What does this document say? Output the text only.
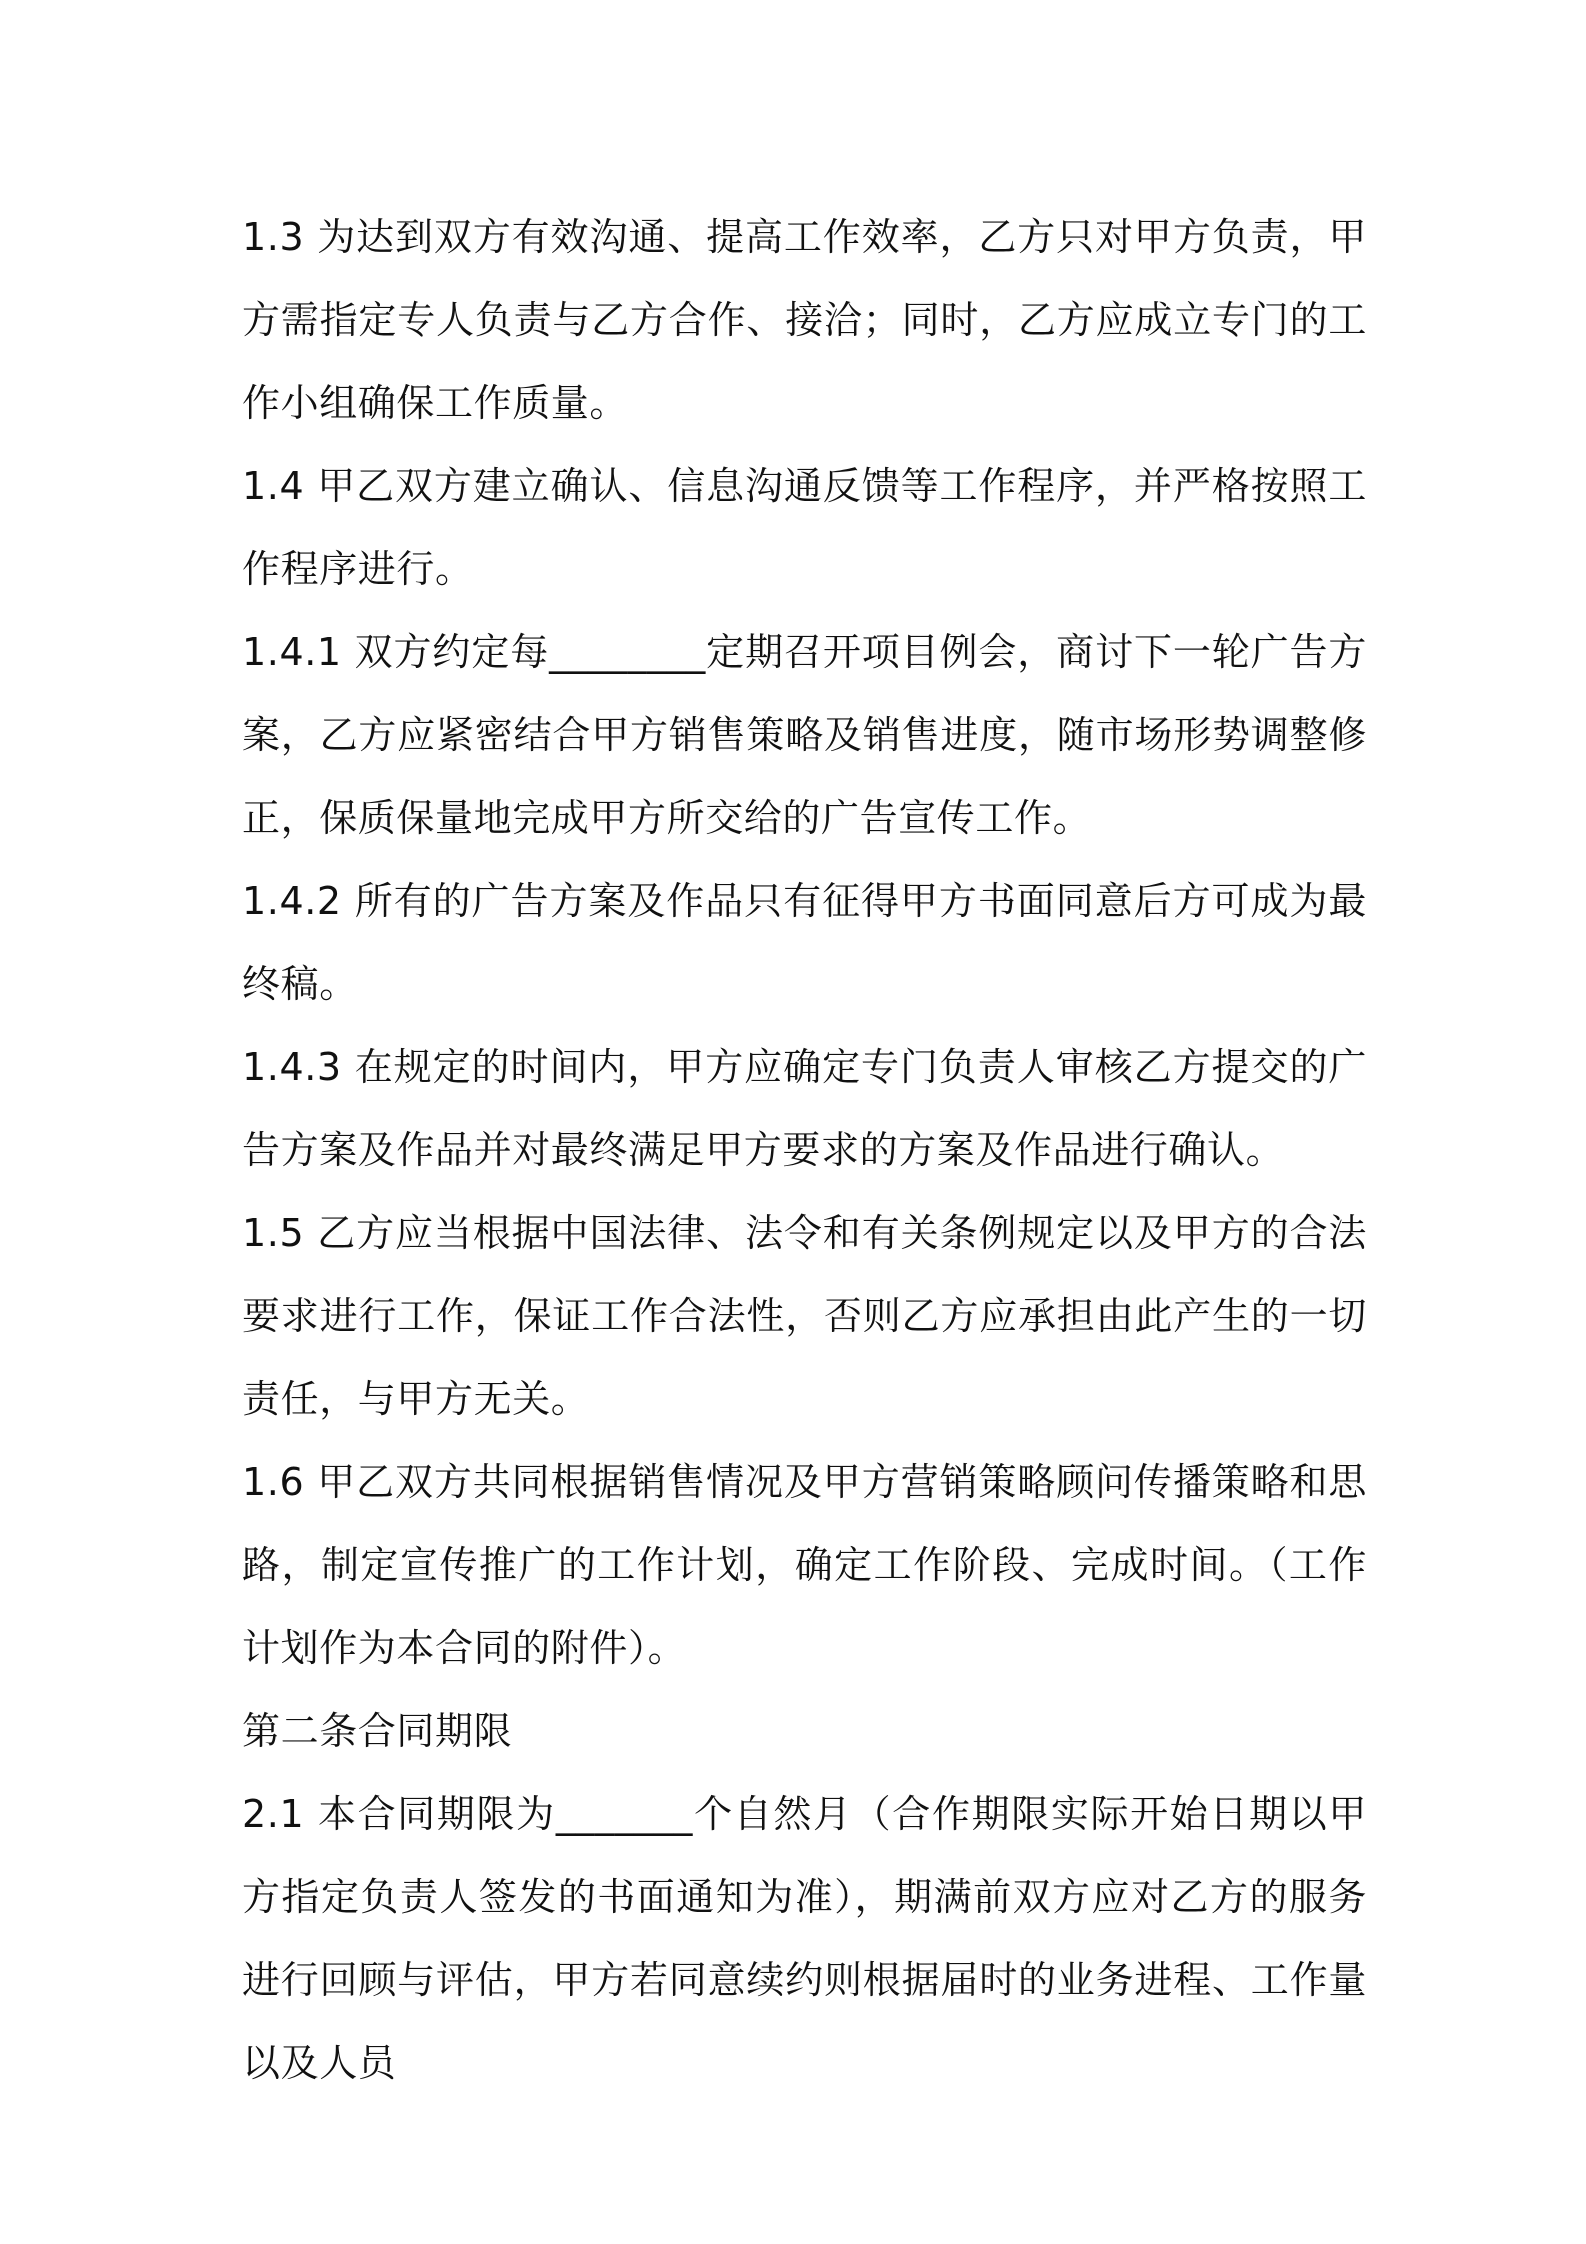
1.3 为达到双方有效沟通、提高工作效率，乙方只对甲方负责，甲方需指定专人负责与乙方合作、接洽；同时，乙方应成立专门的工作小组确保工作质量。

1.4 甲乙双方建立确认、信息沟通反馈等工作程序，并严格按照工作程序进行。

1.4.1 双方约定每________定期召开项目例会，商讨下一轮广告方案，乙方应紧密结合甲方销售策略及销售进度，随市场形势调整修正，保质保量地完成甲方所交给的广告宣传工作。

1.4.2 所有的广告方案及作品只有征得甲方书面同意后方可成为最终稿。

1.4.3 在规定的时间内，甲方应确定专门负责人审核乙方提交的广告方案及作品并对最终满足甲方要求的方案及作品进行确认。

1.5 乙方应当根据中国法律、法令和有关条例规定以及甲方的合法要求进行工作，保证工作合法性，否则乙方应承担由此产生的一切责任，与甲方无关。

1.6 甲乙双方共同根据销售情况及甲方营销策略顾问传播策略和思路，制定宣传推广的工作计划，确定工作阶段、完成时间。（工作计划作为本合同的附件）。

第二条合同期限

2.1 本合同期限为_______个自然月（合作期限实际开始日期以甲方指定负责人签发的书面通知为准），期满前双方应对乙方的服务进行回顾与评估，甲方若同意续约则根据届时的业务进程、工作量以及人员
